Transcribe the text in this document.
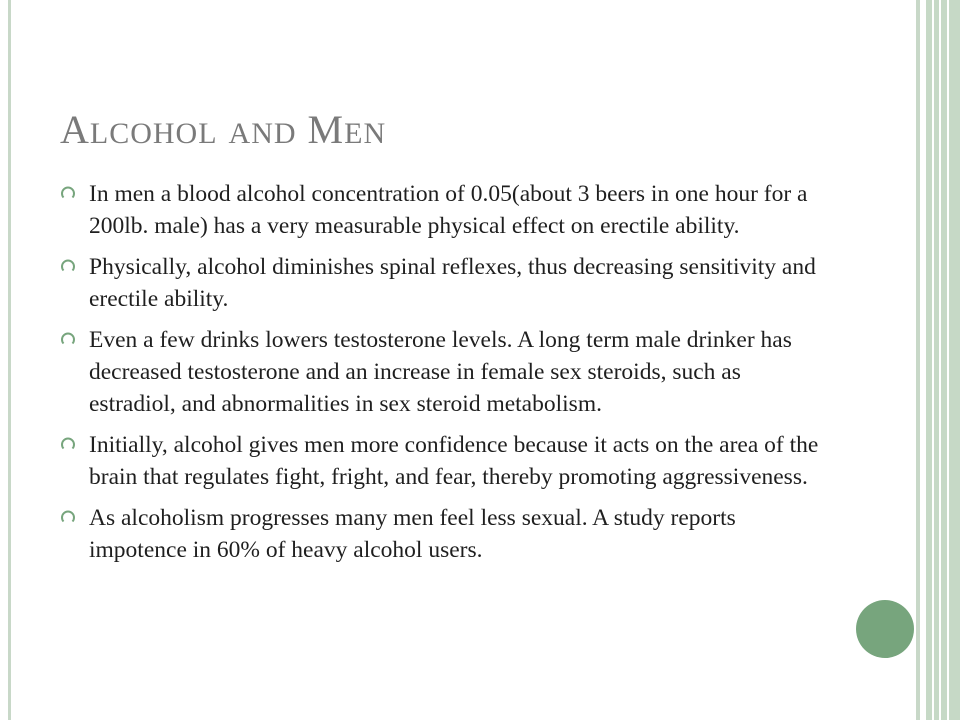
ALCOHOL AND MEN
In men a blood alcohol concentration of 0.05(about 3 beers in one hour for a 200lb. male) has a very measurable physical effect on erectile ability.
Physically, alcohol diminishes spinal reflexes, thus decreasing sensitivity and erectile ability.
Even a few drinks lowers testosterone levels. A long term male drinker has decreased testosterone and an increase in female sex steroids, such as estradiol, and abnormalities in sex steroid metabolism.
Initially, alcohol gives men more confidence because it acts on the area of the brain that regulates fight, fright, and fear, thereby promoting aggressiveness.
As alcoholism progresses many men feel less sexual. A study reports impotence in 60% of heavy alcohol users.
